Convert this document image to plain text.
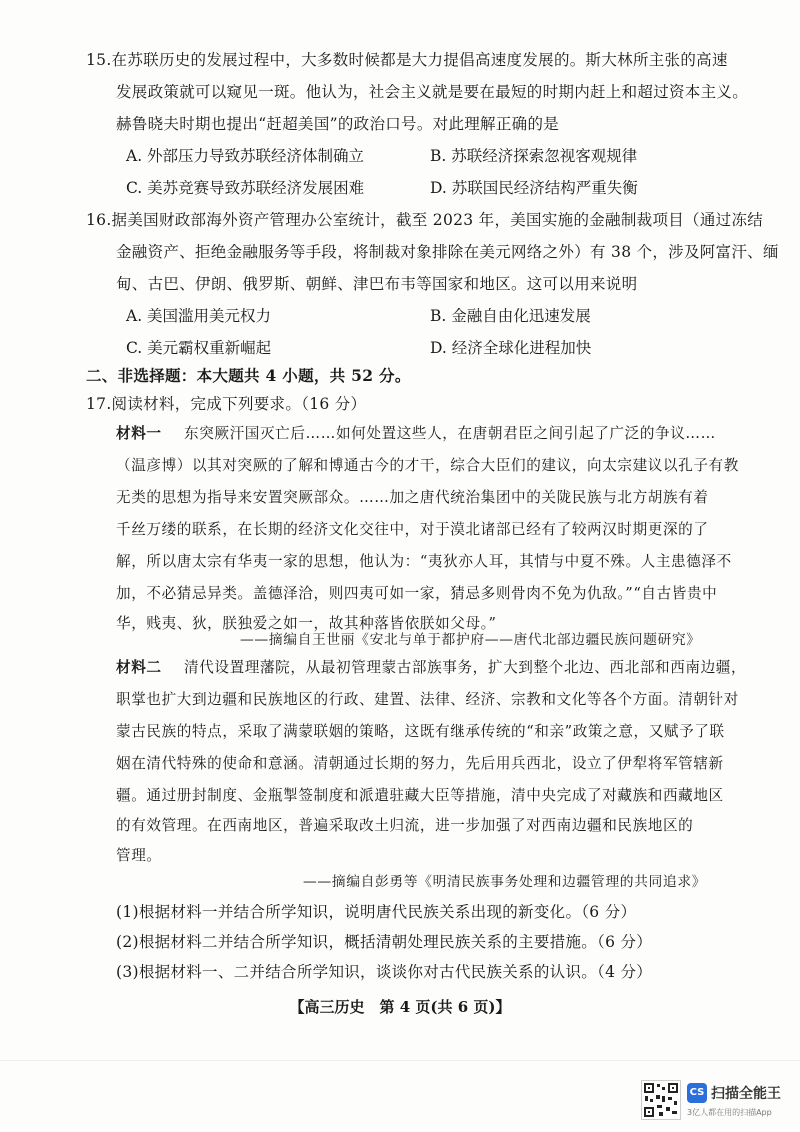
15.在苏联历史的发展过程中，大多数时候都是大力提倡高速度发展的。斯大林所主张的高速
发展政策就可以窥见一斑。他认为，社会主义就是要在最短的时期内赶上和超过资本主义。
赫鲁晓夫时期也提出“赶超美国”的政治口号。对此理解正确的是
A. 外部压力导致苏联经济体制确立	B. 苏联经济探索忽视客观规律
C. 美苏竞赛导致苏联经济发展困难	D. 苏联国民经济结构严重失衡
16.据美国财政部海外资产管理办公室统计，截至 2023 年，美国实施的金融制裁项目（通过冻结
金融资产、拒绝金融服务等手段，将制裁对象排除在美元网络之外）有 38 个，涉及阿富汗、缅
甸、古巴、伊朗、俄罗斯、朝鲜、津巴布韦等国家和地区。这可以用来说明
A. 美国滥用美元权力	B. 金融自由化迅速发展
C. 美元霸权重新崛起	D. 经济全球化进程加快
二、非选择题：本大题共 4 小题，共 52 分。
17.阅读材料，完成下列要求。（16 分）
材料一 东突厥汗国灭亡后……如何处置这些人，在唐朝君臣之间引起了广泛的争议……
（温彦博）以其对突厥的了解和博通古今的才干，综合大臣们的建议，向太宗建议以孔子有教
无类的思想为指导来安置突厥部众。……加之唐代统治集团中的关陇民族与北方胡族有着
千丝万缕的联系，在长期的经济文化交往中，对于漠北诸部已经有了较两汉时期更深的了
解，所以唐太宗有华夷一家的思想，他认为：“夷狄亦人耳，其情与中夏不殊。人主患德泽不
加，不必猜忌异类。盖德泽洽，则四夷可如一家，猜忌多则骨肉不免为仇敌。”“自古皆贵中
华，贱夷、狄，朕独爱之如一，故其种落皆依朕如父母。”
——摘编自王世丽《安北与单于都护府——唐代北部边疆民族问题研究》
材料二 清代设置理藩院，从最初管理蒙古部族事务，扩大到整个北边、西北部和西南边疆，
职掌也扩大到边疆和民族地区的行政、建置、法律、经济、宗教和文化等各个方面。清朝针对
蒙古民族的特点，采取了满蒙联姻的策略，这既有继承传统的“和亲”政策之意，又赋予了联
姻在清代特殊的使命和意涵。清朝通过长期的努力，先后用兵西北，设立了伊犁将军管辖新
疆。通过册封制度、金瓶掣签制度和派遣驻藏大臣等措施，清中央完成了对藏族和西藏地区
的有效管理。在西南地区，普遍采取改土归流，进一步加强了对西南边疆和民族地区的
管理。
——摘编自彭勇等《明清民族事务处理和边疆管理的共同追求》
(1)根据材料一并结合所学知识，说明唐代民族关系出现的新变化。（6 分）
(2)根据材料二并结合所学知识，概括清朝处理民族关系的主要措施。（6 分）
(3)根据材料一、二并结合所学知识，谈谈你对古代民族关系的认识。（4 分）
【高三历史　第 4 页(共 6 页)】
CS 扫描全能王
3亿人都在用的扫描App
